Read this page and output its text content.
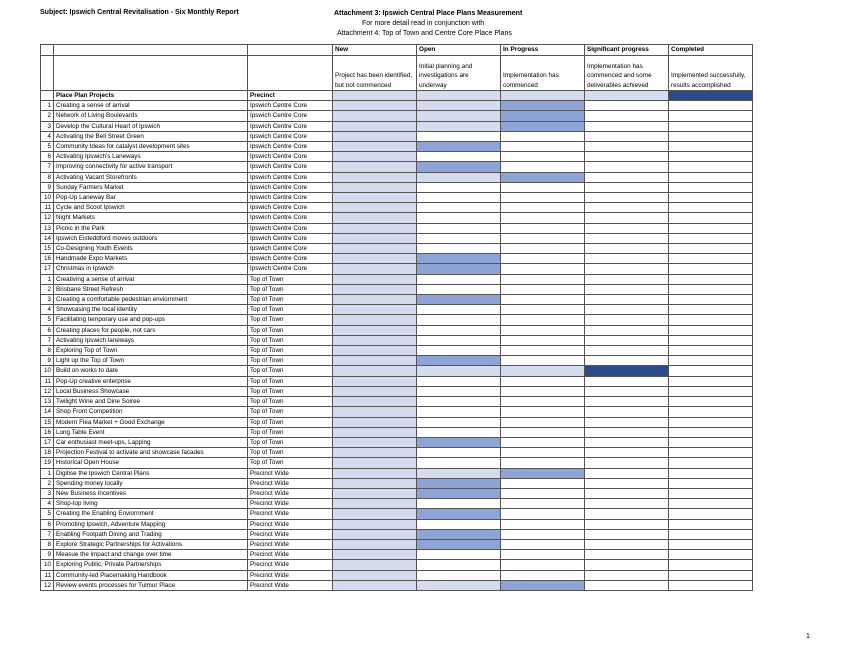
Subject: Ipswich Central Revitalisation - Six Monthly Report	Attachment 3: Ipswich Central Place Plans Measurement
For more detail read in conjunction with
Attachment 4: Top of Town and Centre Core Place Plans
			New	Open	In Progress	Significant progress	Completed
			Project has been identified, but not commenced	Initial planning and investigations are underway	Implementation has commenced	Implementation has commenced and some deliverables achieved	Implemented successfully, results accomplished
	Place Plan Projects	Precinct					
1	Creating a sense of arrival	Ipswich Centre Core					
2	Network of Living Boulevards	Ipswich Centre Core					
3	Develop the Cultural Heart of Ipswich	Ipswich Centre Core					
4	Activating the Bell Street Green	Ipswich Centre Core					
5	Community Ideas for catalyst development sites	Ipswich Centre Core					
6	Activating Ipswich's Laneways	Ipswich Centre Core					
7	Improving connectivity for active transport	Ipswich Centre Core					
8	Activating Vacant Storefronts	Ipswich Centre Core					
9	Sunday Farmers Market	Ipswich Centre Core					
10	Pop-Up Laneway Bar	Ipswich Centre Core					
11	Cycle and Scoot Ipswich	Ipswich Centre Core					
12	Night Markets	Ipswich Centre Core					
13	Picnic in the Park	Ipswich Centre Core					
14	Ipswich Eisteddford moves outdoors	Ipswich Centre Core					
15	Co-Designing Youth Events	Ipswich Centre Core					
16	Handmade Expo Markets	Ipswich Centre Core					
17	Christmas in Ipswich	Ipswich Centre Core					
1	Creativing a sense of arrival	Top of Town					
2	Brisbane Street Refresh	Top of Town					
3	Creating a comfortable pedestrian enviornment	Top of Town					
4	Showcasing the local identity	Top of Town					
5	Facilitating temporary use and pop-ups	Top of Town					
6	Creating places for people, not cars	Top of Town					
7	Activating Ipswich laneways	Top of Town					
8	Exploring Top of Town	Top of Town					
9	Light up the Top of Town	Top of Town					
10	Build on works to date	Top of Town					
11	Pop-Up creative enterprise	Top of Town					
12	Local Business Showcase	Top of Town					
13	Twilight Wine and Dine Soiree	Top of Town					
14	Shop Front Competition	Top of Town					
15	Modern Flea Market + Good Exchange	Top of Town					
16	Long Table Event	Top of Town					
17	Car enthusiast meet-ups, Lapping	Top of Town					
18	Projection Festival to activate and showcase facades	Top of Town					
19	Historical Open House	Top of Town					
1	Digitise the Ipswich Central Plans	Precinct Wide					
2	Spending money locally	Precinct Wide					
3	New Business Incentives	Precinct Wide					
4	Shop-top living	Precinct Wide					
5	Creating the Enabling Enviornment	Precinct Wide					
6	Promoting Ipswich, Adventure Mapping	Precinct Wide					
7	Enabling Footpath Dining and Trading	Precinct Wide					
8	Explore Strategic Partnerships for Activations	Precinct Wide					
9	Measue the impact and change over time	Precinct Wide					
10	Exploring Public, Private Partnerships	Precinct Wide					
11	Community-led Placemaking Handbook	Precinct Wide					
12	Review events processes for Tulmur Place	Precinct Wide					
1
